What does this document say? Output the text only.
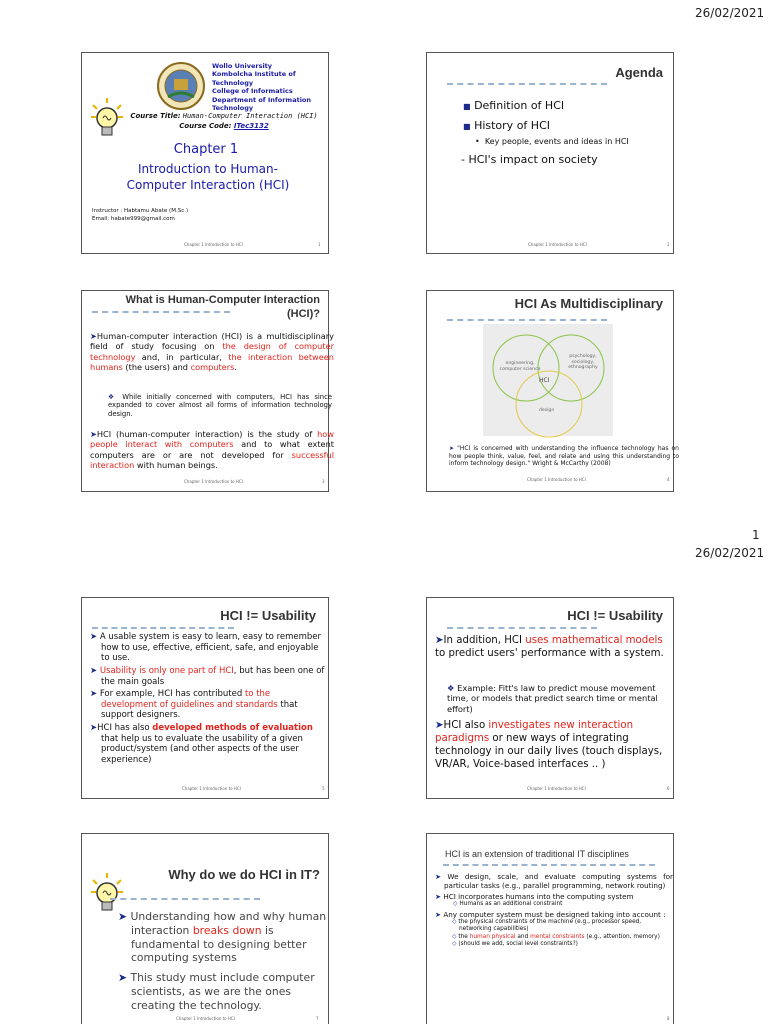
26/02/2021
1
26/02/2021
Wollo University
Kombolcha Institute of Technology
College of Informatics
Department of Information Technology
Course Title: Human-Computer Interaction (HCI)
Course Code: ITec3132
Chapter 1
Introduction to Human-Computer Interaction (HCI)
Instructor : Habtamu Abate (M.Sc.)
Email: habate999@gmail.com
Chapter 1 Introduction to HCI	1
Agenda
■ Definition of HCI
■ History of HCI
• Key people, events and ideas in HCI
- HCI's impact on society
Chapter 1 Introduction to HCI	2
What is Human-Computer Interaction (HCI)?
➤Human-computer interaction (HCI) is a multidisciplinary field of study focusing on the design of computer technology and, in particular, the interaction between humans (the users) and computers.
❖ While initially concerned with computers, HCI has since expanded to cover almost all forms of information technology design.
➤HCI (human-computer interaction) is the study of how people interact with computers and to what extent computers are or are not developed for successful interaction with human beings.
Chapter 1 Introduction to HCI	3
HCI As Multidisciplinary
engineering, computer science
psychology, sociology, ethnography
HCI
design
➤ "HCI is concerned with understanding the influence technology has on how people think, value, feel, and relate and using this understanding to inform technology design." Wright & McCarthy (2008)
Chapter 1 Introduction to HCI	4
HCI != Usability
➤ A usable system is easy to learn, easy to remember how to use, effective, efficient, safe, and enjoyable to use.
➤ Usability is only one part of HCI, but has been one of the main goals
➤ For example, HCI has contributed to the development of guidelines and standards that support designers.
➤HCI has also developed methods of evaluation that help us to evaluate the usability of a given product/system (and other aspects of the user experience)
Chapter 1 Introduction to HCI	5
HCI != Usability
➤In addition, HCI uses mathematical models to predict users' performance with a system.
❖ Example: Fitt's law to predict mouse movement time, or models that predict search time or mental effort)
➤HCI also investigates new interaction paradigms or new ways of integrating technology in our daily lives (touch displays, VR/AR, Voice-based interfaces .. )
Chapter 1 Introduction to HCI	6
Why do we do HCI in IT?
➤ Understanding how and why human interaction breaks down is fundamental to designing better computing systems
➤ This study must include computer scientists, as we are the ones creating the technology.
Chapter 1 Introduction to HCI	7
HCI is an extension of traditional IT disciplines
➤ We design, scale, and evaluate computing systems for particular tasks (e.g., parallel programming, network routing)
➤ HCI incorporates humans into the computing system
◇ Humans as an additional constraint
➤ Any computer system must be designed taking into account :
◇ the physical constraints of the machine (e.g., processor speed, networking capabilities)
◇ the human physical and mental constraints (e.g., attention, memory)
◇ (should we add, social level constraints?)
8
